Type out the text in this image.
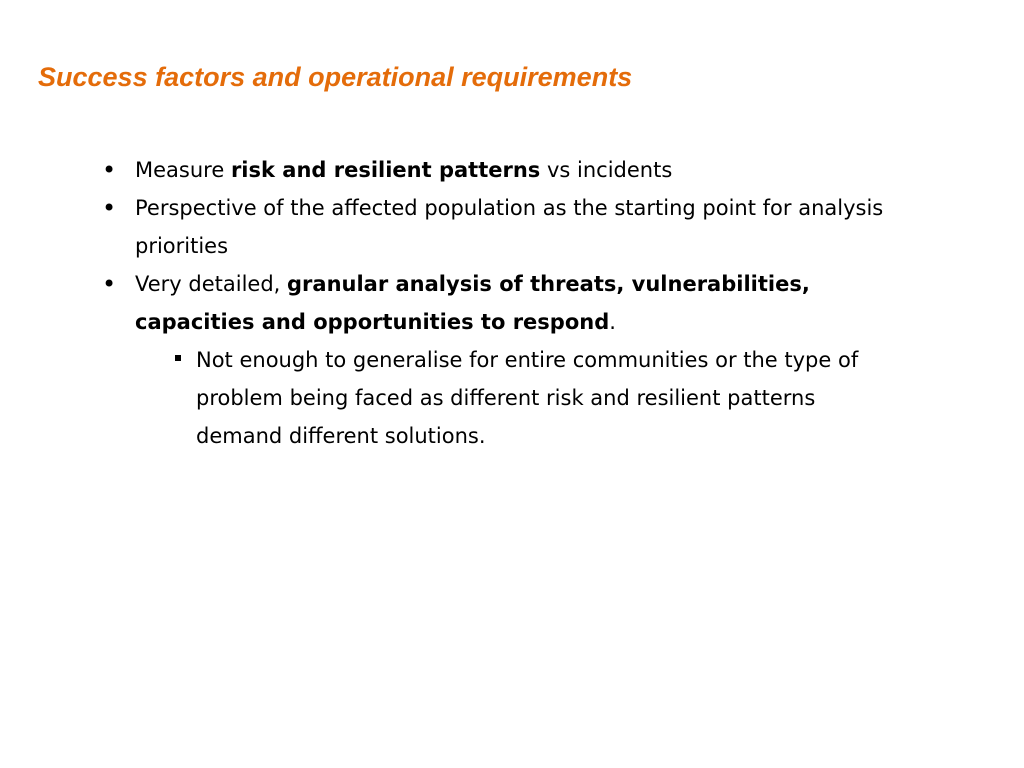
Success factors and operational requirements
• Measure risk and resilient patterns vs incidents
• Perspective of the affected population as the starting point for analysis priorities
• Very detailed, granular analysis of threats, vulnerabilities, capacities and opportunities to respond.
Not enough to generalise for entire communities or the type of problem being faced as different risk and resilient patterns demand different solutions.
